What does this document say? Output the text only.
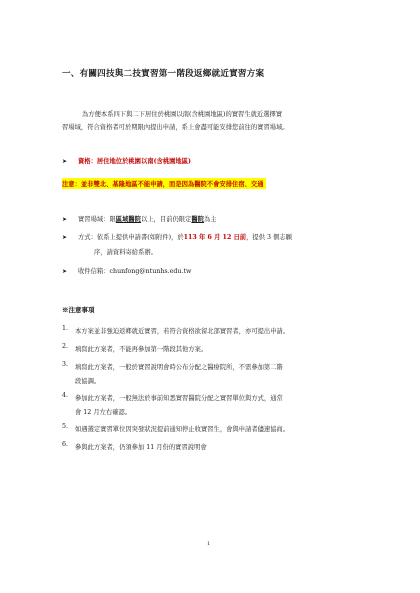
一、有關四技與二技實習第一階段返鄉就近實習方案
為方便本系四下與二下居住於桃園以南(含桃園地區)的實習生就近選擇實
習場域，符合資格者可於期限內提出申請，系上會盡可能安排您前往的實習場域。
➤ 資格：居住地位於桃園以南(含桃園地區)
注意：並非雙北、基隆地區不能申請，而是因為醫院不會安排住宿、交通
➤ 實習場域：限區域醫院以上，目前仍限定醫院為主
➤ 方式：依系上提供申請書(如附件)，於113 年 6 月 12 日前，提供 3 個志願
序，請資料寄給系辦。
➤ 收件信箱：chunfong@ntunhs.edu.tw
※注意事項
1. 本方案並非強迫返鄉就近實習，若符合資格欲留北部實習者，亦可提出申請。
2. 填寫此方案者，不能再參加第一階段其他方案。
3. 填寫此方案者，一般於實習說明會時公布分配之醫療院所，不需參加第二階
段協調。
4. 參加此方案者，一般無法於事前知悉實習醫院分配之實習單位與方式，通常
會 12 月左右確認。
5. 如遇選定實習單位因突發狀況提前通知停止收實習生，會與申請者儘速協商。
6. 參與此方案者，仍須參加 11 月份的實習說明會
1
